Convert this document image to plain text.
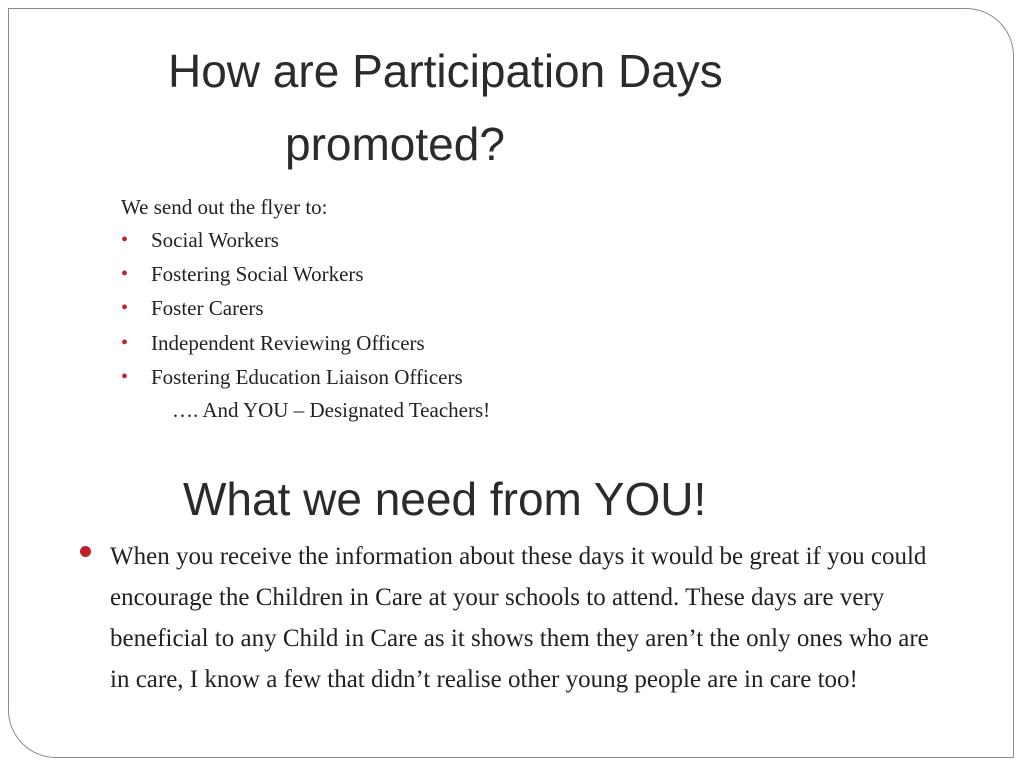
How are Participation Days
promoted?
We send out the flyer to:
• Social Workers
• Fostering Social Workers
• Foster Carers
• Independent Reviewing Officers
• Fostering Education Liaison Officers
…. And YOU – Designated Teachers!
What we need from YOU!

When you receive the information about these days it would be great if you could encourage the Children in Care at your schools to attend. These days are very beneficial to any Child in Care as it shows them they aren’t the only ones who are in care, I know a few that didn’t realise other young people are in care too!
